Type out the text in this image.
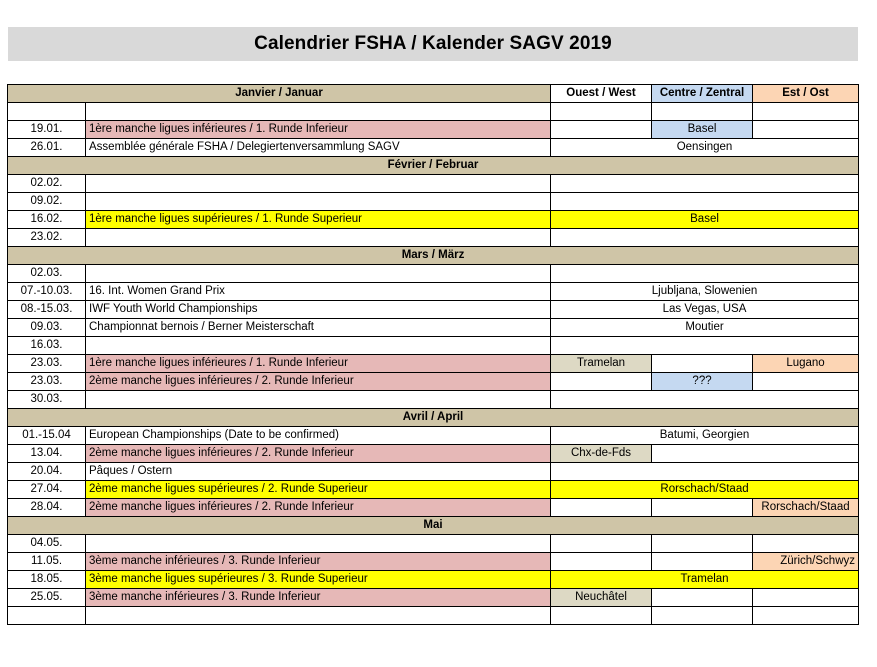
Calendrier FSHA / Kalender SAGV 2019
Janvier / Januar		Ouest / West	Centre / Zentral	Est / Ost

19.01.	1ère manche ligues inférieures / 1. Runde Inferieur		Basel	
26.01.	Assemblée générale FSHA / Delegiertenversammlung SAGV	Oensingen		
Février / Februar				
02.02.				
09.02.				
16.02.	1ère manche ligues supérieures / 1. Runde Superieur	Basel		
23.02.				
Mars / März				
02.03.				
07.-10.03.	16. Int. Women Grand Prix	Ljubljana, Slowenien		
08.-15.03.	IWF Youth World Championships	Las Vegas, USA		
09.03.	Championnat bernois / Berner Meisterschaft	Moutier		
16.03.				
23.03.	1ère manche ligues inférieures / 1. Runde Inferieur	Tramelan		Lugano
23.03.	2ème manche ligues inférieures / 2. Runde Inferieur		???	
30.03.				
Avril / April				
01.-15.04	European Championships (Date to be confirmed)	Batumi, Georgien		
13.04.	2ème manche ligues inférieures / 2. Runde Inferieur	Chx-de-Fds		
20.04.	Pâques / Ostern			
27.04.	2ème manche ligues supérieures / 2. Runde Superieur	Rorschach/Staad		
28.04.	2ème manche ligues inférieures / 2. Runde Inferieur			Rorschach/Staad
Mai				
04.05.				
11.05.	3ème manche inférieures / 3. Runde Inferieur			Zürich/Schwyz
18.05.	3ème manche ligues supérieures / 3. Runde Superieur	Tramelan		
25.05.	3ème manche inférieures / 3. Runde Inferieur	Neuchâtel		
